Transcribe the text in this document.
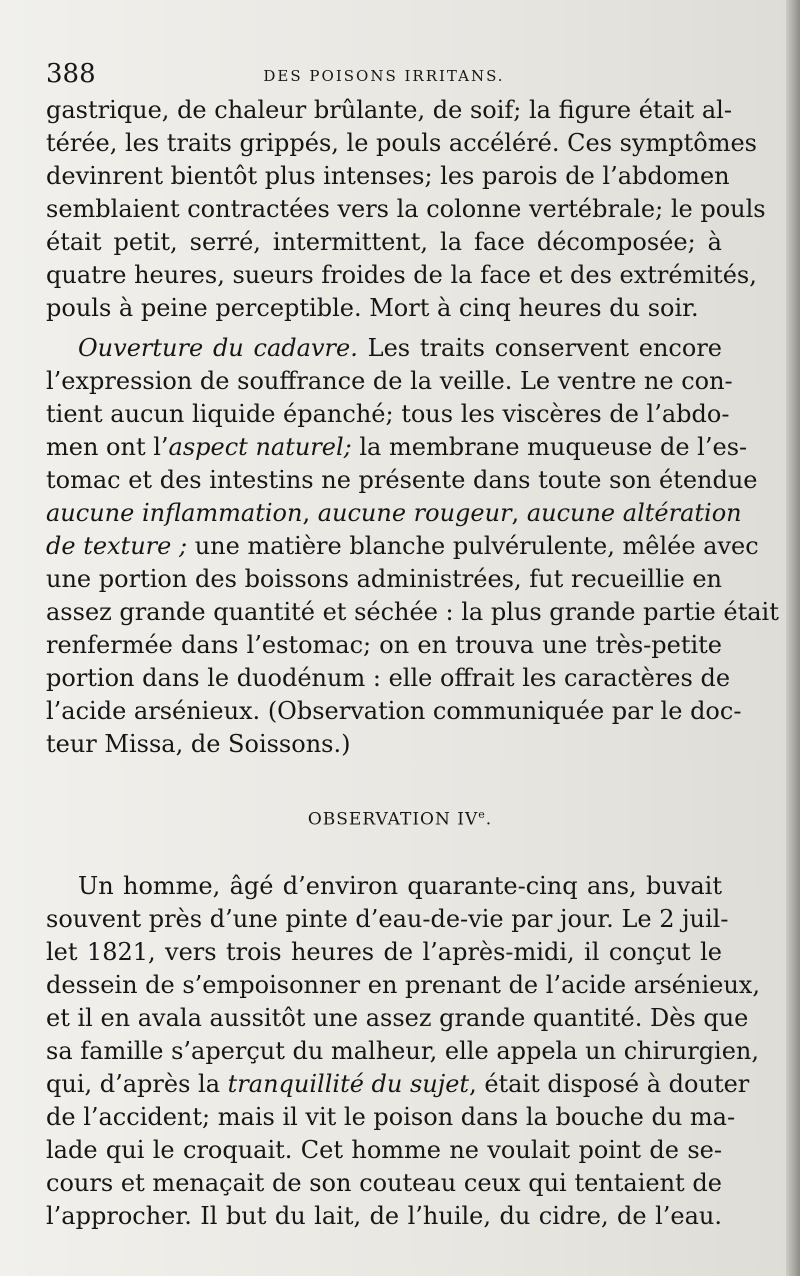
388	DES POISONS IRRITANS.
gastrique, de chaleur brûlante, de soif; la figure était al-
térée, les traits grippés, le pouls accéléré. Ces symptômes
devinrent bientôt plus intenses; les parois de l’abdomen
semblaient contractées vers la colonne vertébrale; le pouls
était petit, serré, intermittent, la face décomposée; à
quatre heures, sueurs froides de la face et des extrémités,
pouls à peine perceptible. Mort à cinq heures du soir.
Ouverture du cadavre. Les traits conservent encore
l’expression de souffrance de la veille. Le ventre ne con-
tient aucun liquide épanché; tous les viscères de l’abdo-
men ont l’aspect naturel; la membrane muqueuse de l’es-
tomac et des intestins ne présente dans toute son étendue
aucune inflammation, aucune rougeur, aucune altération
de texture ; une matière blanche pulvérulente, mêlée avec
une portion des boissons administrées, fut recueillie en
assez grande quantité et séchée : la plus grande partie était
renfermée dans l’estomac; on en trouva une très-petite
portion dans le duodénum : elle offrait les caractères de
l’acide arsénieux. (Observation communiquée par le doc-
teur Missa, de Soissons.)
OBSERVATION IVe.
Un homme, âgé d’environ quarante-cinq ans, buvait
souvent près d’une pinte d’eau-de-vie par jour. Le 2 juil-
let 1821, vers trois heures de l’après-midi, il conçut le
dessein de s’empoisonner en prenant de l’acide arsénieux,
et il en avala aussitôt une assez grande quantité. Dès que
sa famille s’aperçut du malheur, elle appela un chirurgien,
qui, d’après la tranquillité du sujet, était disposé à douter
de l’accident; mais il vit le poison dans la bouche du ma-
lade qui le croquait. Cet homme ne voulait point de se-
cours et menaçait de son couteau ceux qui tentaient de
l’approcher. Il but du lait, de l’huile, du cidre, de l’eau.
